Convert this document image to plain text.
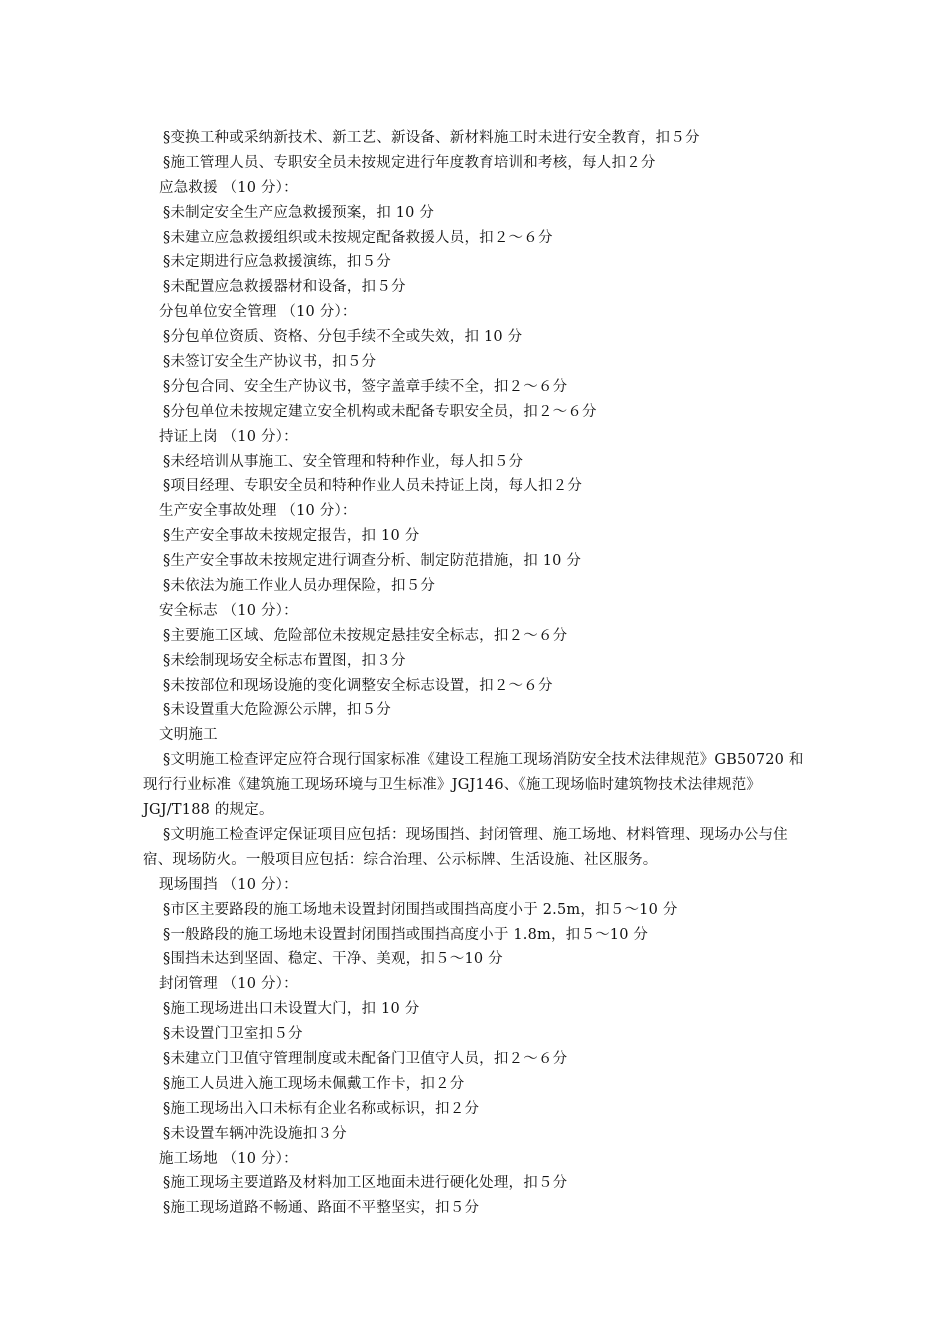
§变换工种或采纳新技术、新工艺、新设备、新材料施工时未进行安全教育，扣５分
§施工管理人员、专职安全员未按规定进行年度教育培训和考核，每人扣２分
应急救援 （10 分）：
§未制定安全生产应急救援预案，扣 10 分
§未建立应急救援组织或未按规定配备救援人员，扣２～６分
§未定期进行应急救援演练，扣５分
§未配置应急救援器材和设备，扣５分
分包单位安全管理 （10 分）：
§分包单位资质、资格、分包手续不全或失效，扣 10 分
§未签订安全生产协议书，扣５分
§分包合同、安全生产协议书，签字盖章手续不全，扣２～６分
§分包单位未按规定建立安全机构或未配备专职安全员，扣２～６分
持证上岗 （10 分）：
§未经培训从事施工、安全管理和特种作业，每人扣５分
§项目经理、专职安全员和特种作业人员未持证上岗，每人扣２分
生产安全事故处理 （10 分）：
§生产安全事故未按规定报告，扣 10 分
§生产安全事故未按规定进行调查分析、制定防范措施，扣 10 分
§未依法为施工作业人员办理保险，扣５分
安全标志 （10 分）：
§主要施工区域、危险部位未按规定悬挂安全标志，扣２～６分
§未绘制现场安全标志布置图，扣３分
§未按部位和现场设施的变化调整安全标志设置，扣２～６分
§未设置重大危险源公示牌，扣５分
文明施工
§文明施工检查评定应符合现行国家标准《建设工程施工现场消防安全技术法律规范》GB50720 和现行行业标准《建筑施工现场环境与卫生标准》JGJ146、《施工现场临时建筑物技术法律规范》JGJ/T188 的规定。
§文明施工检查评定保证项目应包括：现场围挡、封闭管理、施工场地、材料管理、现场办公与住宿、现场防火。一般项目应包括：综合治理、公示标牌、生活设施、社区服务。
现场围挡 （10 分）：
§市区主要路段的施工场地未设置封闭围挡或围挡高度小于 2.5m，扣５～10 分
§一般路段的施工场地未设置封闭围挡或围挡高度小于 1.8m，扣５～10 分
§围挡未达到坚固、稳定、干净、美观，扣５～10 分
封闭管理 （10 分）：
§施工现场进出口未设置大门，扣 10 分
§未设置门卫室扣５分
§未建立门卫值守管理制度或未配备门卫值守人员，扣２～６分
§施工人员进入施工现场未佩戴工作卡，扣２分
§施工现场出入口未标有企业名称或标识，扣２分
§未设置车辆冲洗设施扣３分
施工场地 （10 分）：
§施工现场主要道路及材料加工区地面未进行硬化处理，扣５分
§施工现场道路不畅通、路面不平整坚实，扣５分
